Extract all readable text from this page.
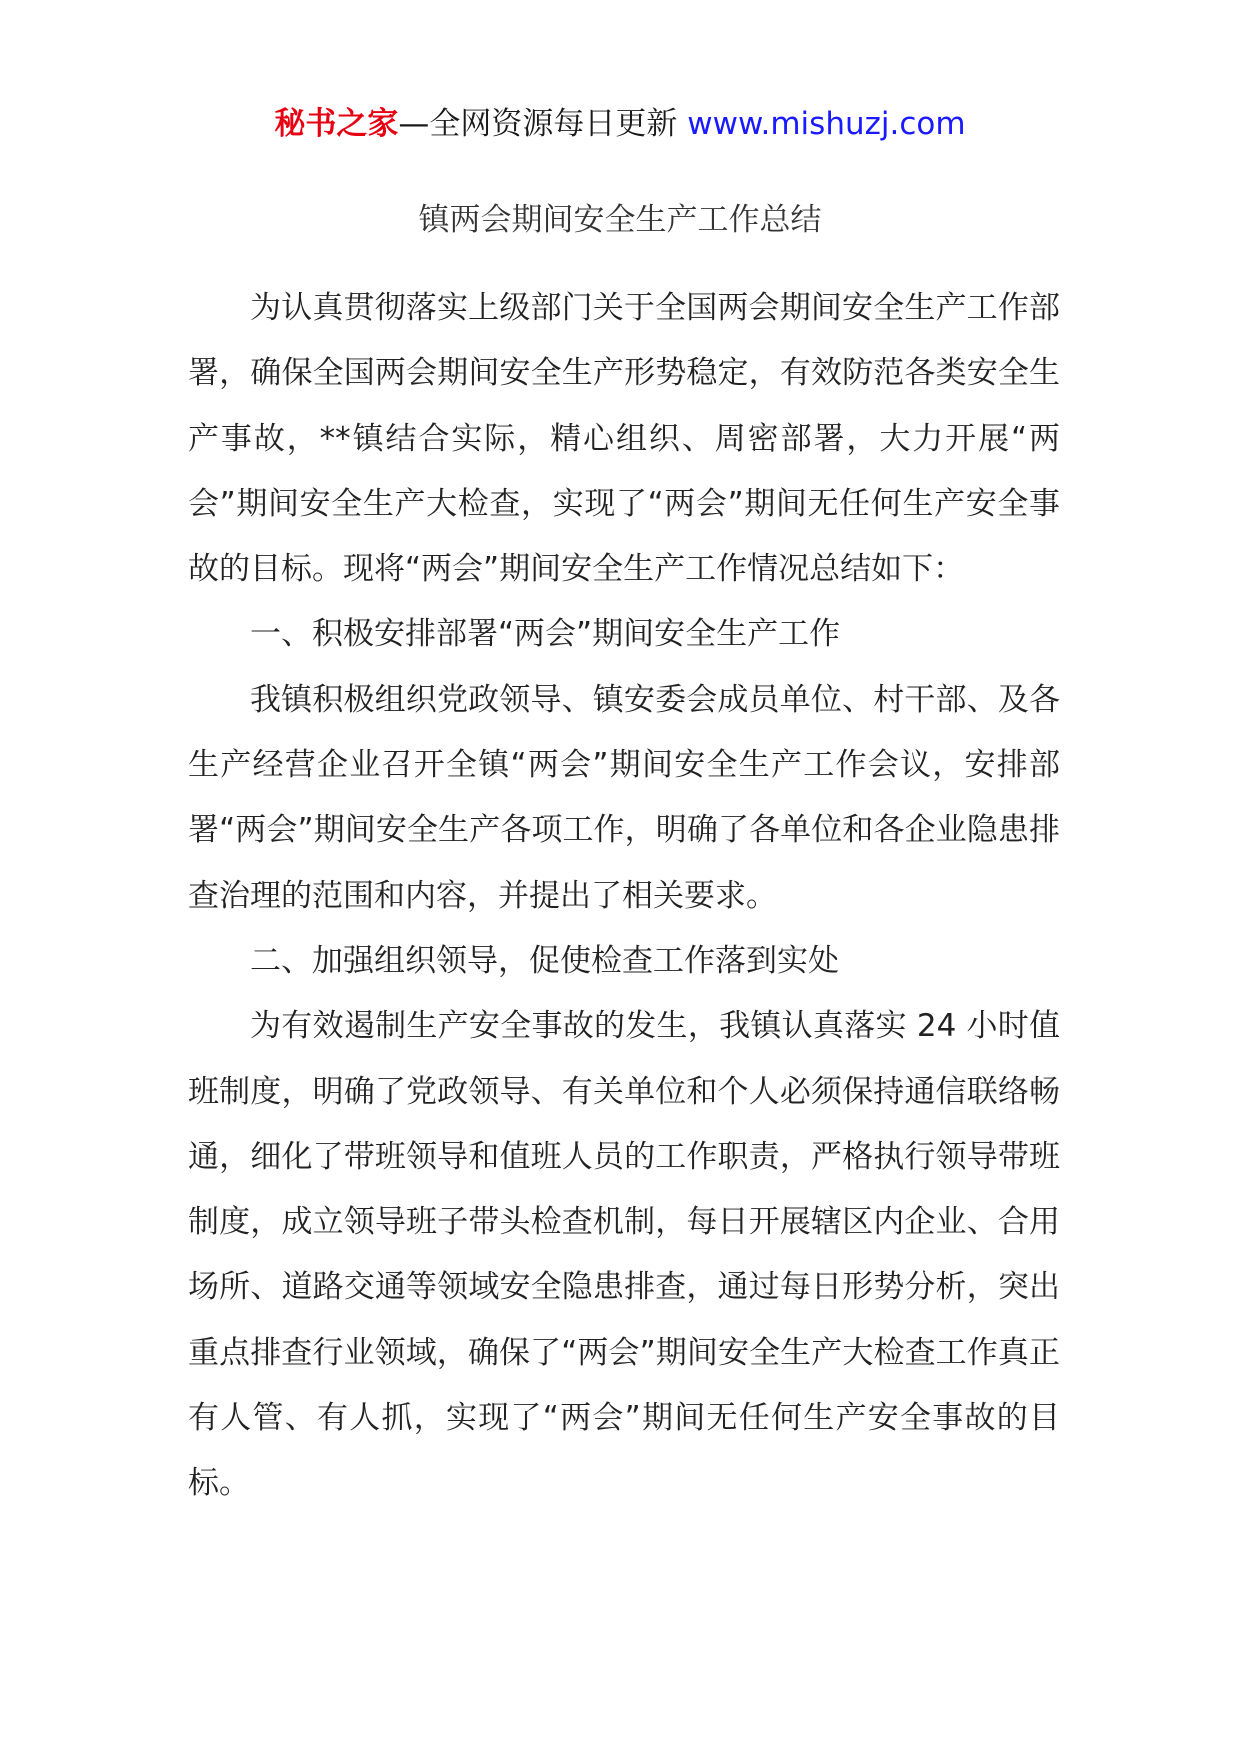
秘书之家—全网资源每日更新 www.mishuzj.com
镇两会期间安全生产工作总结

为认真贯彻落实上级部门关于全国两会期间安全生产工作部署，确保全国两会期间安全生产形势稳定，有效防范各类安全生产事故，**镇结合实际，精心组织、周密部署，大力开展“两会”期间安全生产大检查，实现了“两会”期间无任何生产安全事故的目标。现将“两会”期间安全生产工作情况总结如下：

一、积极安排部署“两会”期间安全生产工作

我镇积极组织党政领导、镇安委会成员单位、村干部、及各生产经营企业召开全镇“两会”期间安全生产工作会议，安排部署“两会”期间安全生产各项工作，明确了各单位和各企业隐患排查治理的范围和内容，并提出了相关要求。

二、加强组织领导，促使检查工作落到实处

为有效遏制生产安全事故的发生，我镇认真落实 24 小时值班制度，明确了党政领导、有关单位和个人必须保持通信联络畅通，细化了带班领导和值班人员的工作职责，严格执行领导带班制度，成立领导班子带头检查机制，每日开展辖区内企业、合用场所、道路交通等领域安全隐患排查，通过每日形势分析，突出重点排查行业领域，确保了“两会”期间安全生产大检查工作真正有人管、有人抓，实现了“两会”期间无任何生产安全事故的目标。
